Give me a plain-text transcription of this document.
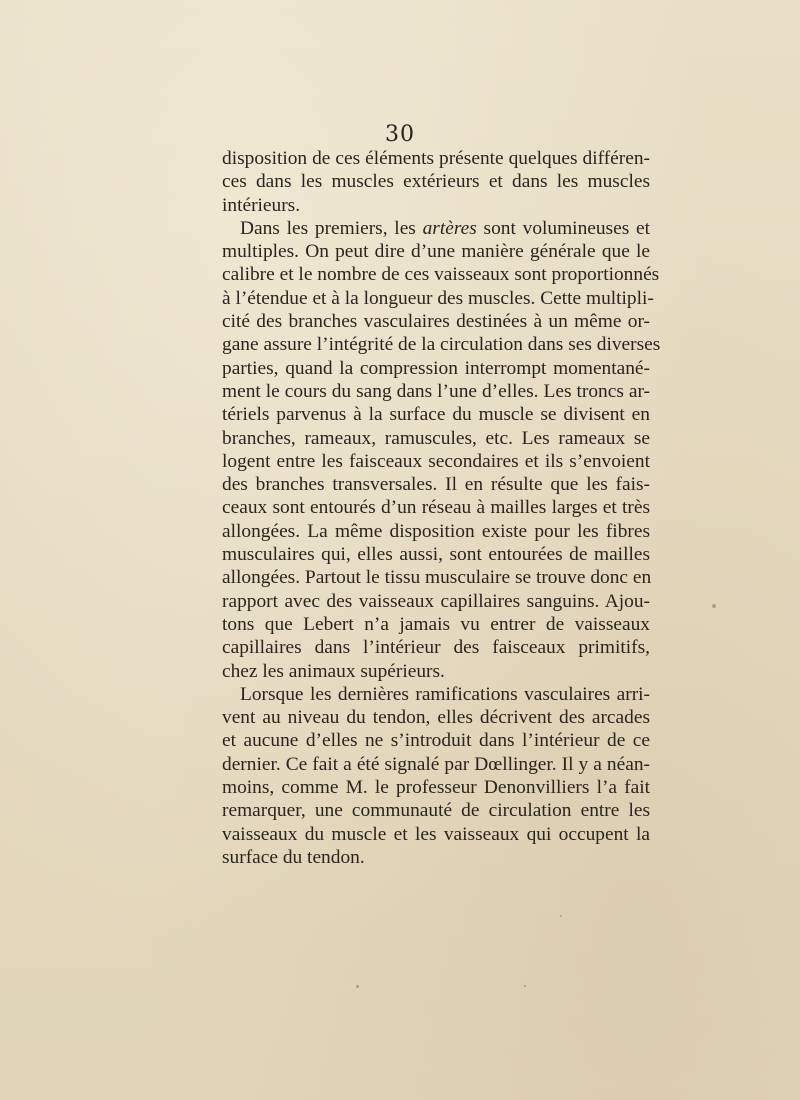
30
disposition de ces éléments présente quelques différen-
ces dans les muscles extérieurs et dans les muscles
intérieurs.
Dans les premiers, les artères sont volumineuses et
multiples. On peut dire d’une manière générale que le
calibre et le nombre de ces vaisseaux sont proportionnés
à l’étendue et à la longueur des muscles. Cette multipli-
cité des branches vasculaires destinées à un même or-
gane assure l’intégrité de la circulation dans ses diverses
parties, quand la compression interrompt momentané-
ment le cours du sang dans l’une d’elles. Les troncs ar-
tériels parvenus à la surface du muscle se divisent en
branches, rameaux, ramuscules, etc. Les rameaux se
logent entre les faisceaux secondaires et ils s’envoient
des branches transversales. Il en résulte que les fais-
ceaux sont entourés d’un réseau à mailles larges et très
allongées. La même disposition existe pour les fibres
musculaires qui, elles aussi, sont entourées de mailles
allongées. Partout le tissu musculaire se trouve donc en
rapport avec des vaisseaux capillaires sanguins. Ajou-
tons que Lebert n’a jamais vu entrer de vaisseaux
capillaires dans l’intérieur des faisceaux primitifs,
chez les animaux supérieurs.
Lorsque les dernières ramifications vasculaires arri-
vent au niveau du tendon, elles décrivent des arcades
et aucune d’elles ne s’introduit dans l’intérieur de ce
dernier. Ce fait a été signalé par Dœllinger. Il y a néan-
moins, comme M. le professeur Denonvilliers l’a fait
remarquer, une communauté de circulation entre les
vaisseaux du muscle et les vaisseaux qui occupent la
surface du tendon.
